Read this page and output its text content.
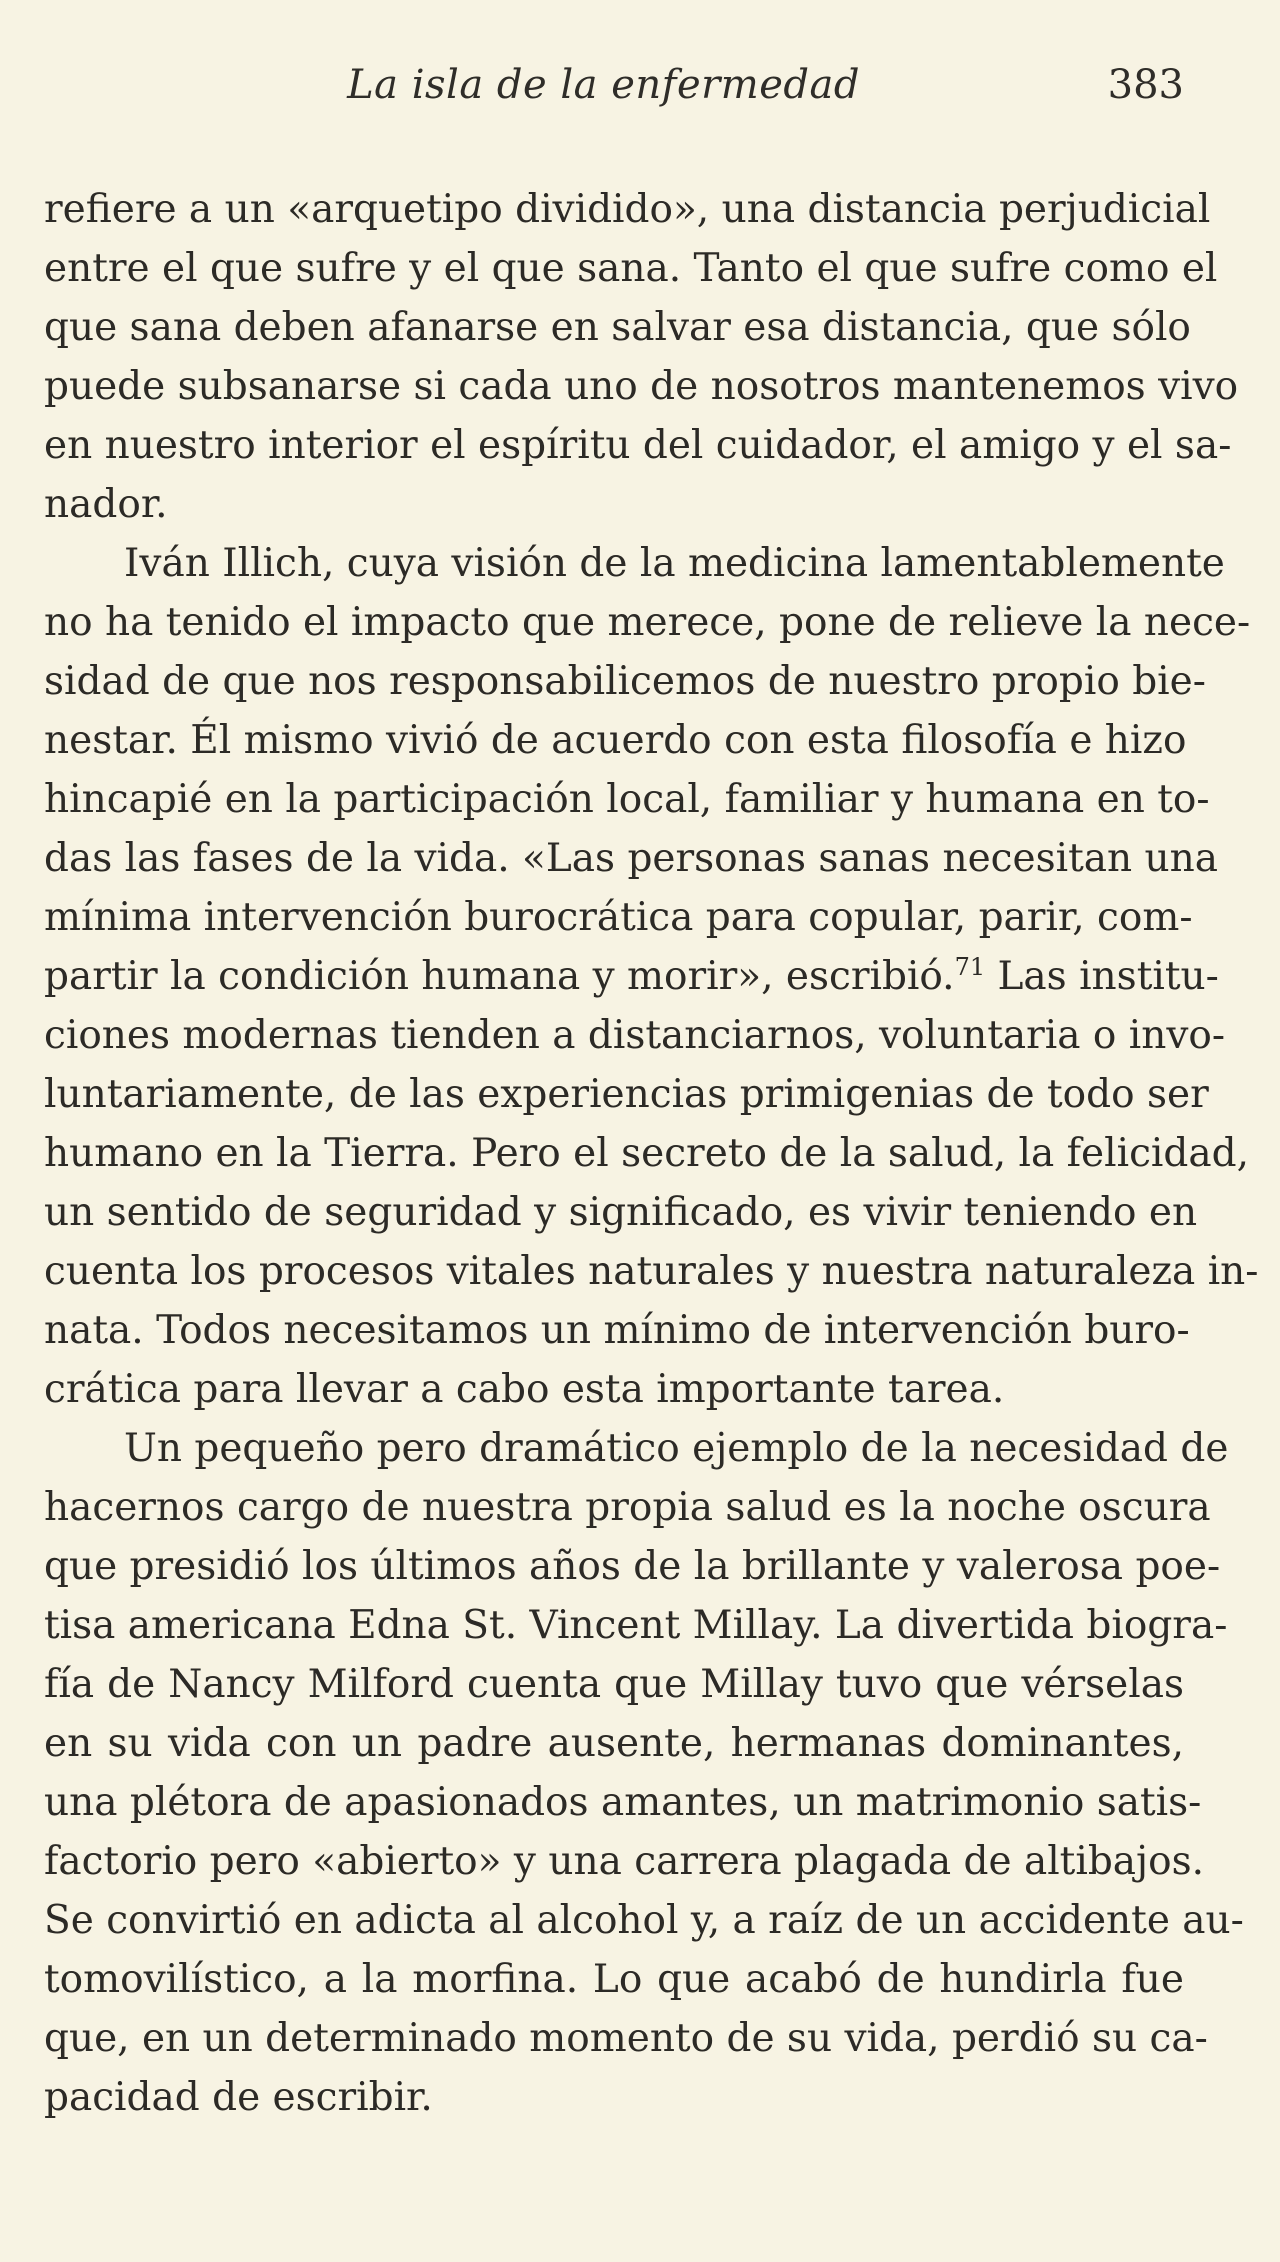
La isla de la enfermedad	383
refiere a un «arquetipo dividido», una distancia perjudicial
entre el que sufre y el que sana. Tanto el que sufre como el
que sana deben afanarse en salvar esa distancia, que sólo
puede subsanarse si cada uno de nosotros mantenemos vivo
en nuestro interior el espíritu del cuidador, el amigo y el sa-
nador.
Iván Illich, cuya visión de la medicina lamentablemente
no ha tenido el impacto que merece, pone de relieve la nece-
sidad de que nos responsabilicemos de nuestro propio bie-
nestar. Él mismo vivió de acuerdo con esta filosofía e hizo
hincapié en la participación local, familiar y humana en to-
das las fases de la vida. «Las personas sanas necesitan una
mínima intervención burocrática para copular, parir, com-
partir la condición humana y morir», escribió.$^{71}$ Las institu-
ciones modernas tienden a distanciarnos, voluntaria o invo-
luntariamente, de las experiencias primigenias de todo ser
humano en la Tierra. Pero el secreto de la salud, la felicidad,
un sentido de seguridad y significado, es vivir teniendo en
cuenta los procesos vitales naturales y nuestra naturaleza in-
nata. Todos necesitamos un mínimo de intervención buro-
crática para llevar a cabo esta importante tarea.
Un pequeño pero dramático ejemplo de la necesidad de
hacernos cargo de nuestra propia salud es la noche oscura
que presidió los últimos años de la brillante y valerosa poe-
tisa americana Edna St. Vincent Millay. La divertida biogra-
fía de Nancy Milford cuenta que Millay tuvo que vérselas
en su vida con un padre ausente, hermanas dominantes,
una plétora de apasionados amantes, un matrimonio satis-
factorio pero «abierto» y una carrera plagada de altibajos.
Se convirtió en adicta al alcohol y, a raíz de un accidente au-
tomovilístico, a la morfina. Lo que acabó de hundirla fue
que, en un determinado momento de su vida, perdió su ca-
pacidad de escribir.
